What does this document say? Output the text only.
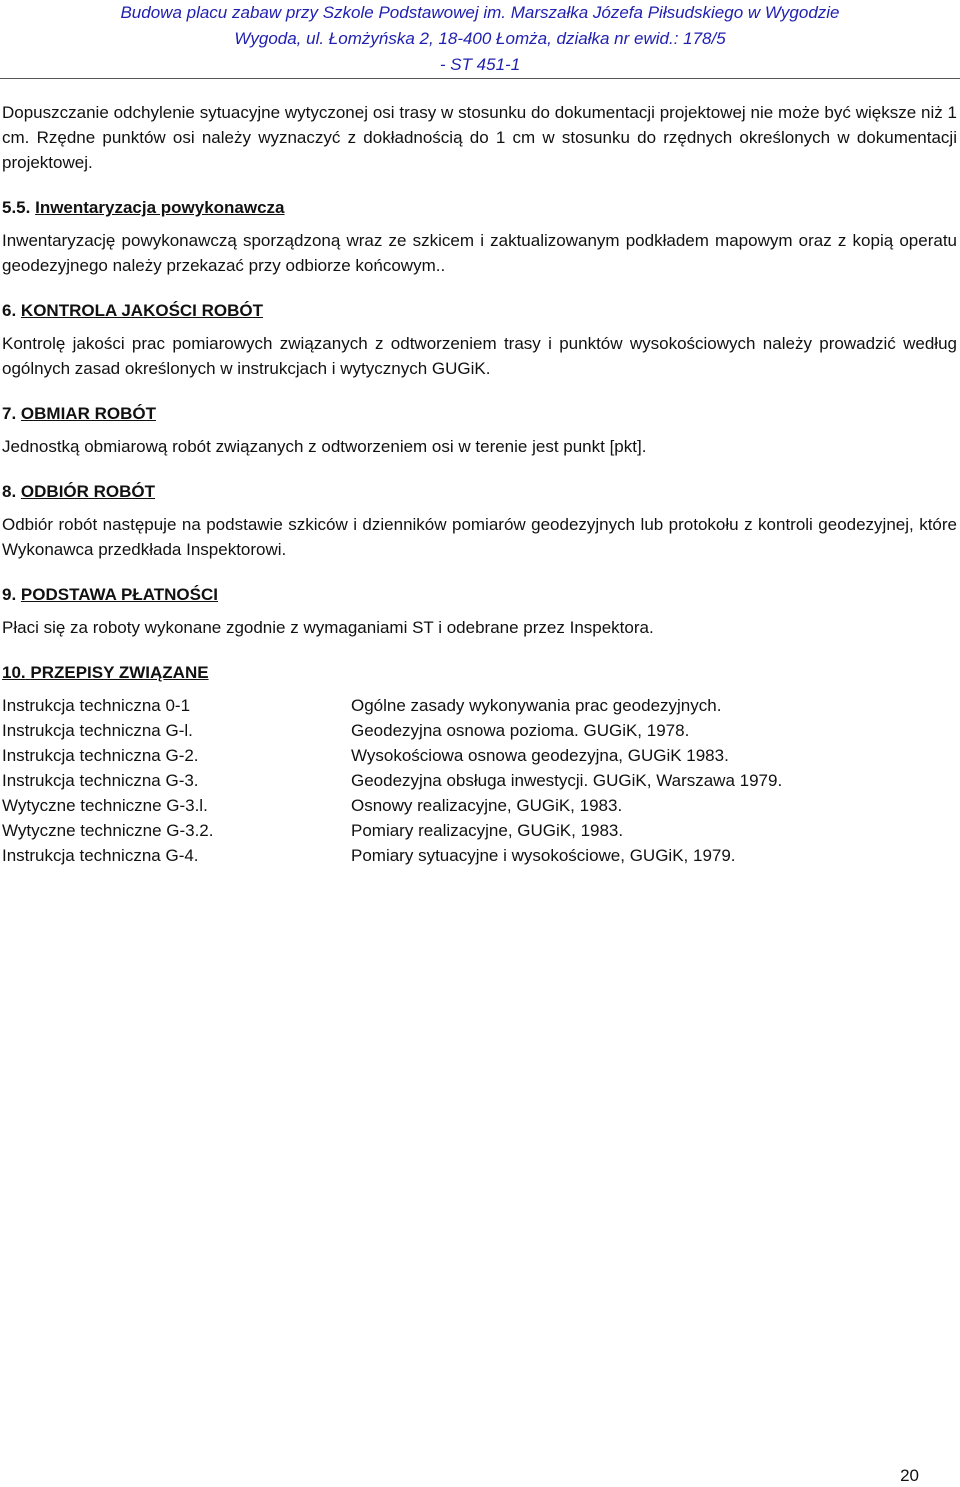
Budowa placu zabaw przy Szkole Podstawowej im. Marszałka Józefa Piłsudskiego w Wygodzie
Wygoda, ul. Łomżyńska 2, 18-400 Łomża, działka nr ewid.: 178/5
- ST 451-1

Dopuszczanie odchylenie sytuacyjne wytyczonej osi trasy w stosunku do dokumentacji projektowej nie może być większe niż 1 cm. Rzędne punktów osi należy wyznaczyć z dokładnością do 1 cm w stosunku do rzędnych określonych w dokumentacji projektowej.

5.5. Inwentaryzacja powykonawcza

Inwentaryzację powykonawczą sporządzoną wraz ze szkicem i zaktualizowanym podkładem mapowym oraz z kopią operatu geodezyjnego należy przekazać przy odbiorze końcowym..

6. KONTROLA JAKOŚCI ROBÓT

Kontrolę jakości prac pomiarowych związanych z odtworzeniem trasy i punktów wysokościowych należy prowadzić według ogólnych zasad określonych w instrukcjach i wytycznych GUGiK.

7. OBMIAR ROBÓT

Jednostką obmiarową robót związanych z odtworzeniem osi w terenie jest punkt [pkt].

8. ODBIÓR ROBÓT

Odbiór robót następuje na podstawie szkiców i dzienników pomiarów geodezyjnych lub protokołu z kontroli geodezyjnej, które Wykonawca przedkłada Inspektorowi.

9. PODSTAWA PŁATNOŚCI

Płaci się za roboty wykonane zgodnie z wymaganiami ST i odebrane przez Inspektora.

10. PRZEPISY ZWIĄZANE
Instrukcja techniczna 0-1	Ogólne zasady wykonywania prac geodezyjnych.
Instrukcja techniczna G-l.	Geodezyjna osnowa pozioma. GUGiK, 1978.
Instrukcja techniczna G-2.	Wysokościowa osnowa geodezyjna, GUGiK 1983.
Instrukcja techniczna G-3.	Geodezyjna obsługa inwestycji. GUGiK, Warszawa 1979.
Wytyczne techniczne G-3.l.	Osnowy realizacyjne, GUGiK, 1983.
Wytyczne techniczne G-3.2.	Pomiary realizacyjne, GUGiK, 1983.
Instrukcja techniczna G-4.	Pomiary sytuacyjne i wysokościowe, GUGiK, 1979.
20
